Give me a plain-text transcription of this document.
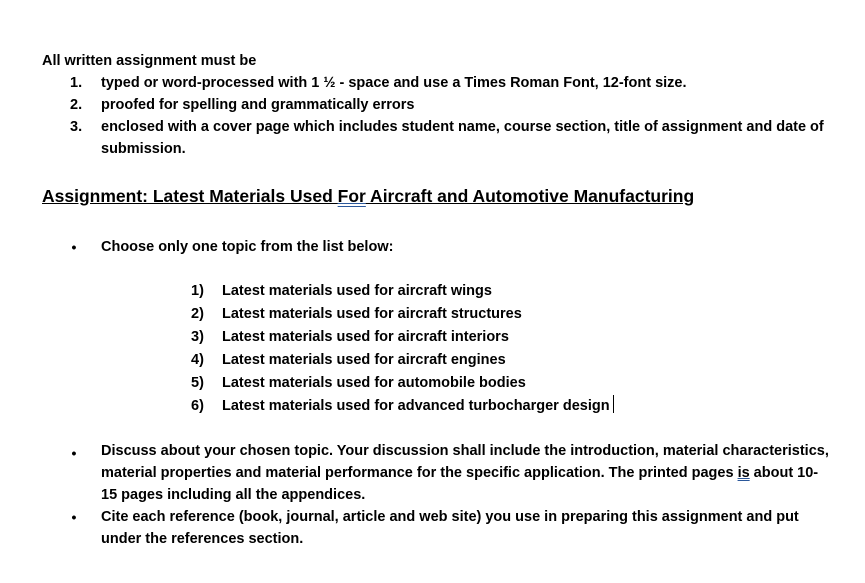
All written assignment must be
1.	typed or word-processed with 1 ½ - space and use a Times Roman Font, 12-font size.
2.	proofed for spelling and grammatically errors
3.	enclosed with a cover page which includes student name, course section, title of assignment and date of submission.
Assignment: Latest Materials Used For Aircraft and Automotive Manufacturing
• Choose only one topic from the list below:
1) Latest materials used for aircraft wings
2) Latest materials used for aircraft structures
3) Latest materials used for aircraft interiors
4) Latest materials used for aircraft engines
5) Latest materials used for automobile bodies
6) Latest materials used for advanced turbocharger design
• Discuss about your chosen topic. Your discussion shall include the introduction, material characteristics, material properties and material performance for the specific application. The printed pages is about 10-15 pages including all the appendices.
• Cite each reference (book, journal, article and web site) you use in preparing this assignment and put under the references section.
